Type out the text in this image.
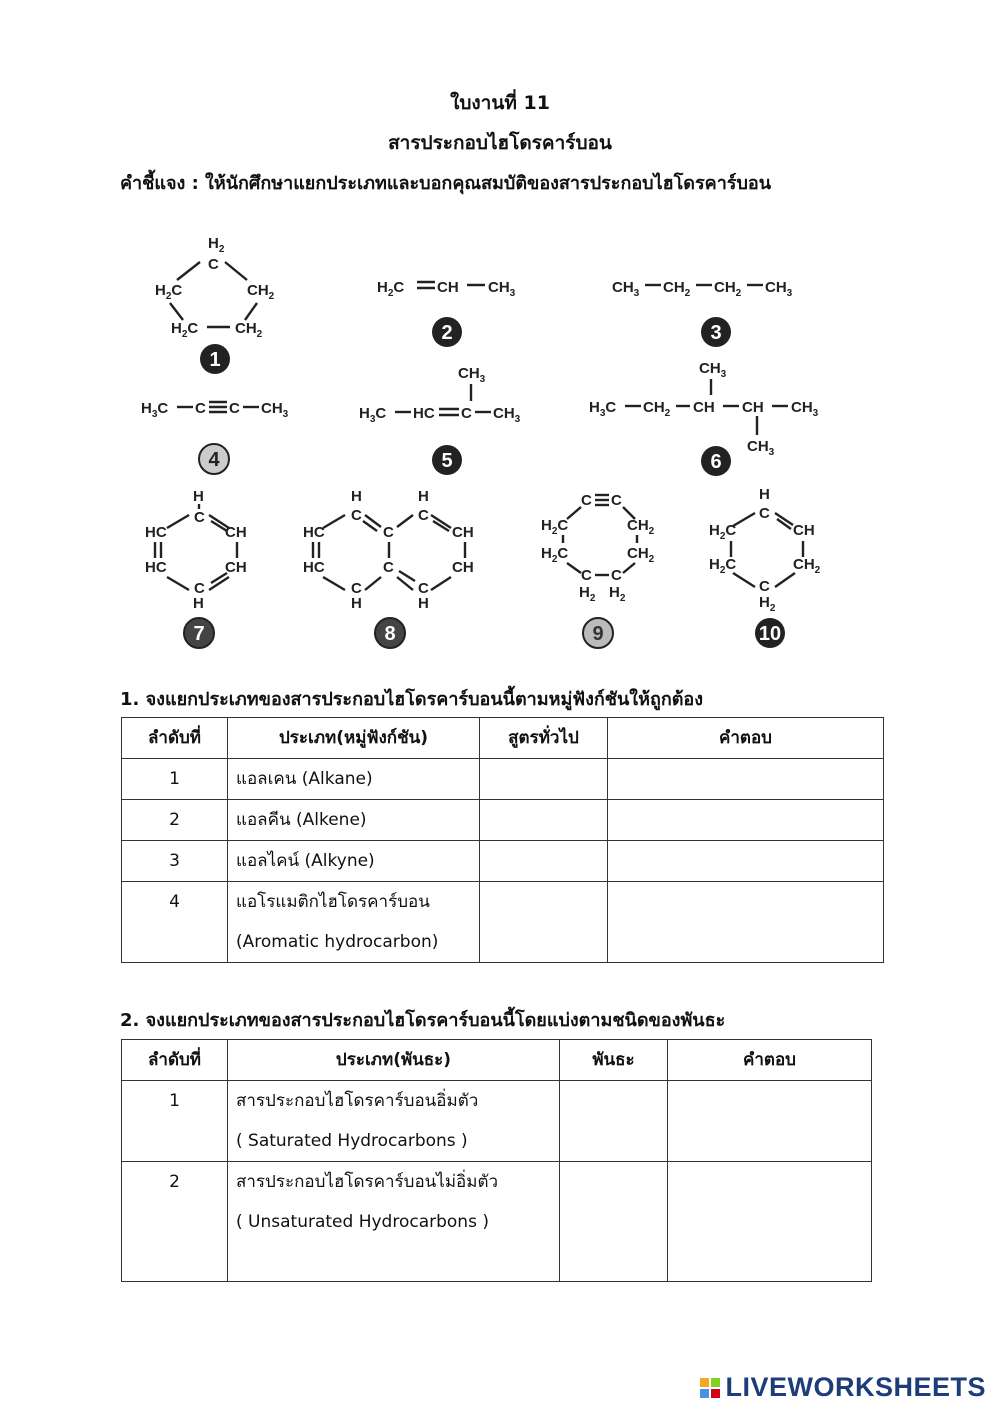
ใบงานที่ 11
สารประกอบไฮโดรคาร์บอน
คำชี้แจง : ให้นักศึกษาแยกประเภทและบอกคุณสมบัติของสารประกอบไฮโดรคาร์บอน
$H_2$
C
$H_2C$	$CH_2$
$H_2C$ $CH_2$
1
$H_2C$ CH $CH_3$
2
$CH_3$ $CH_2$ $CH_2$ $CH_3$
3
$H_3C$ C C $CH_3$
4
$CH_3$
$H_3C$ HC C $CH_3$
5
$CH_3$
$H_3C$ $CH_2$ CH CH $CH_3$
$CH_3$
6
H
C
HC	CH
HC	CH
C
H
7
H	H
C	C
HC	C	CH
HC	C	CH
C	C
H	H
8
C C
$H_2C$	$CH_2$
$H_2C$	$CH_2$
C C
$H_2$ $H_2$
9
H
C
$H_2C$	CH
$H_2C$	$CH_2$
C
$H_2$
10
1. จงแยกประเภทของสารประกอบไฮโดรคาร์บอนนี้ตามหมู่ฟังก์ชันให้ถูกต้อง
ลำดับที่	ประเภท(หมู่ฟังก์ชัน)	สูตรทั่วไป	คำตอบ
1	แอลเคน (Alkane)		
2	แอลคีน (Alkene)		
3	แอลไคน์ (Alkyne)		
4	แอโรแมติกไฮโดรคาร์บอน
(Aromatic hydrocarbon)		

2. จงแยกประเภทของสารประกอบไฮโดรคาร์บอนนี้โดยแบ่งตามชนิดของพันธะ
ลำดับที่	ประเภท(พันธะ)	พันธะ	คำตอบ
1	สารประกอบไฮโดรคาร์บอนอิ่มตัว
( Saturated Hydrocarbons )		

2	สารประกอบไฮโดรคาร์บอนไม่อิ่มตัว
( Unsaturated Hydrocarbons )		

LIVEWORKSHEETS
